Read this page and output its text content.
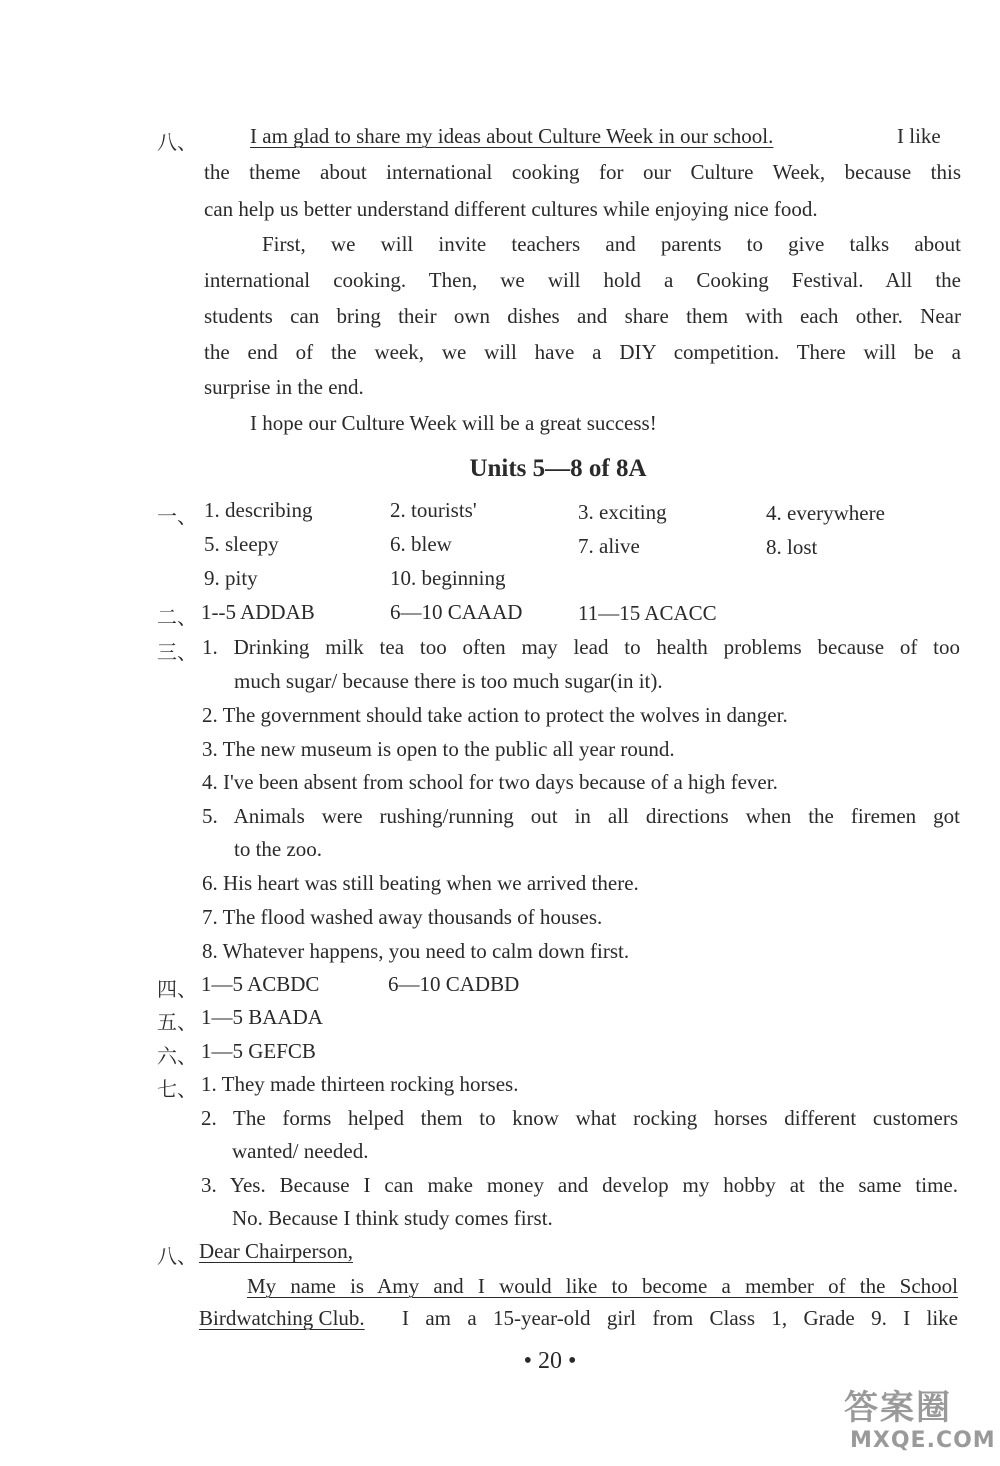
八、	I am glad to share my ideas about Culture Week in our school.	I like
the theme about international cooking for our Culture Week, because this
can help us better understand different cultures while enjoying nice food.
First, we will invite teachers and parents to give talks about
international cooking. Then, we will hold a Cooking Festival. All the
students can bring their own dishes and share them with each other. Near
the end of the week, we will have a DIY competition. There will be a
surprise in the end.
I hope our Culture Week will be a great success!
Units 5—8 of 8A
一、 1. describing	2. tourists'	3. exciting	4. everywhere
5. sleepy	6. blew	7. alive	8. lost
9. pity	10. beginning
二、 1--5 ADDAB	6—10 CAAAD	11—15 ACACC
三、 1. Drinking milk tea too often may lead to health problems because of too
much sugar/ because there is too much sugar(in it).
2. The government should take action to protect the wolves in danger.
3. The new museum is open to the public all year round.
4. I've been absent from school for two days because of a high fever.
5. Animals were rushing/running out in all directions when the firemen got
to the zoo.
6. His heart was still beating when we arrived there.
7. The flood washed away thousands of houses.
8. Whatever happens, you need to calm down first.
四、 1—5 ACBDC	6—10 CADBD
五、 1—5 BAADA
六、 1—5 GEFCB
七、 1. They made thirteen rocking horses.
2. The forms helped them to know what rocking horses different customers
wanted/ needed.
3. Yes. Because I can make money and develop my hobby at the same time.
No. Because I think study comes first.
八、 Dear Chairperson,
My name is Amy and I would like to become a member of the School
Birdwatching Club. I am a 15-year-old girl from Class 1, Grade 9. I like
• 20 •
答案圈
MXQE.COM
